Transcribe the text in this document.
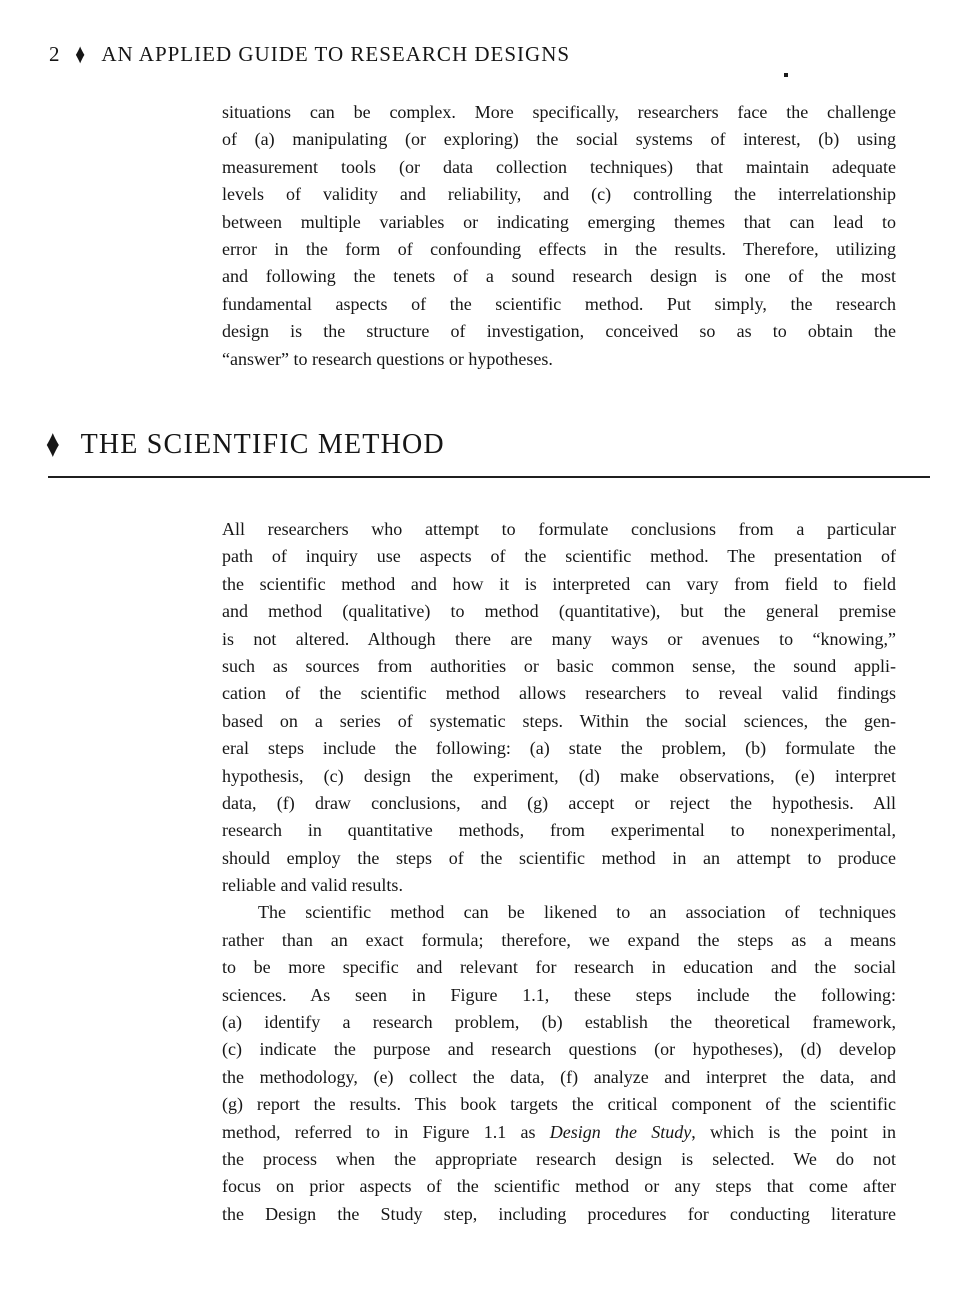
2 ♦ AN APPLIED GUIDE TO RESEARCH DESIGNS
situations can be complex. More specifically, researchers face the challenge
of (a) manipulating (or exploring) the social systems of interest, (b) using
measurement tools (or data collection techniques) that maintain adequate
levels of validity and reliability, and (c) controlling the interrelationship
between multiple variables or indicating emerging themes that can lead to
error in the form of confounding effects in the results. Therefore, utilizing
and following the tenets of a sound research design is one of the most
fundamental aspects of the scientific method. Put simply, the research
design is the structure of investigation, conceived so as to obtain the
“answer” to research questions or hypotheses.
♦ THE SCIENTIFIC METHOD
All researchers who attempt to formulate conclusions from a particular
path of inquiry use aspects of the scientific method. The presentation of
the scientific method and how it is interpreted can vary from field to field
and method (qualitative) to method (quantitative), but the general premise
is not altered. Although there are many ways or avenues to “knowing,”
such as sources from authorities or basic common sense, the sound appli-
cation of the scientific method allows researchers to reveal valid findings
based on a series of systematic steps. Within the social sciences, the gen-
eral steps include the following: (a) state the problem, (b) formulate the
hypothesis, (c) design the experiment, (d) make observations, (e) interpret
data, (f) draw conclusions, and (g) accept or reject the hypothesis. All
research in quantitative methods, from experimental to nonexperimental,
should employ the steps of the scientific method in an attempt to produce
reliable and valid results.
The scientific method can be likened to an association of techniques
rather than an exact formula; therefore, we expand the steps as a means
to be more specific and relevant for research in education and the social
sciences. As seen in Figure 1.1, these steps include the following:
(a) identify a research problem, (b) establish the theoretical framework,
(c) indicate the purpose and research questions (or hypotheses), (d) develop
the methodology, (e) collect the data, (f) analyze and interpret the data, and
(g) report the results. This book targets the critical component of the scientific
method, referred to in Figure 1.1 as Design the Study, which is the point in
the process when the appropriate research design is selected. We do not
focus on prior aspects of the scientific method or any steps that come after
the Design the Study step, including procedures for conducting literature
